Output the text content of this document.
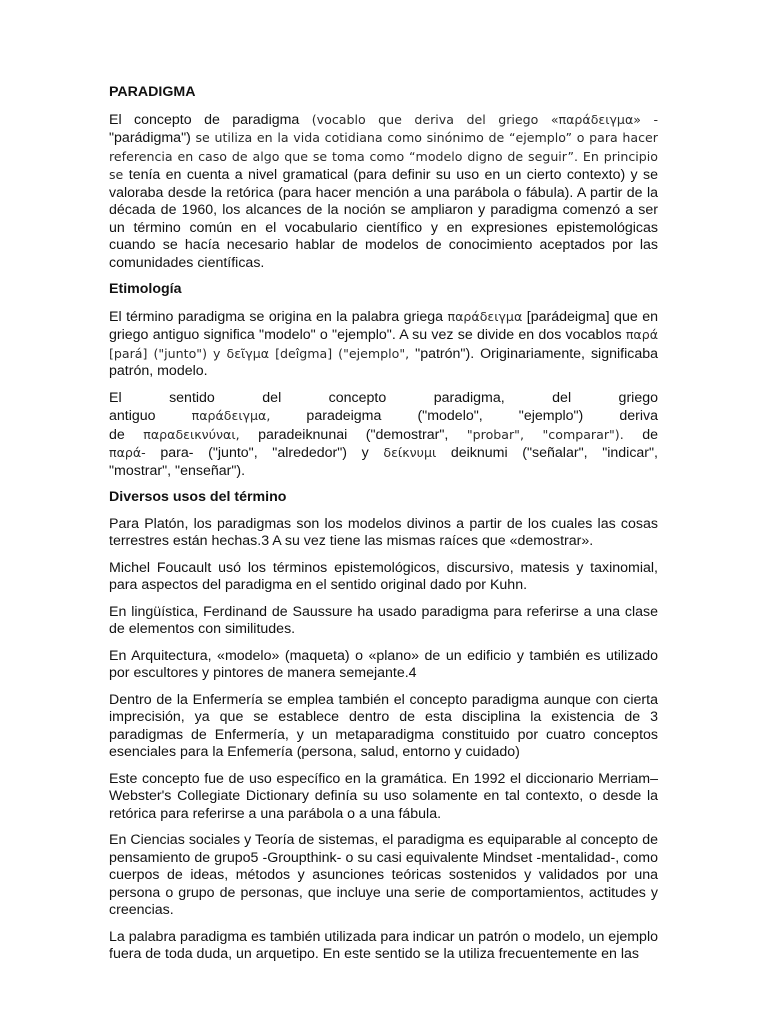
PARADIGMA

El concepto de paradigma (vocablo que deriva del griego «παράδειγμα» - "parádigma") se utiliza en la vida cotidiana como sinónimo de “ejemplo” o para hacer referencia en caso de algo que se toma como “modelo digno de seguir”. En principio se tenía en cuenta a nivel gramatical (para definir su uso en un cierto contexto) y se valoraba desde la retórica (para hacer mención a una parábola o fábula). A partir de la década de 1960, los alcances de la noción se ampliaron y paradigma comenzó a ser un término común en el vocabulario científico y en expresiones epistemológicas cuando se hacía necesario hablar de modelos de conocimiento aceptados por las comunidades científicas.

Etimología

El término paradigma se origina en la palabra griega παράδειγμα [parádeigma] que en griego antiguo significa "modelo" o "ejemplo". A su vez se divide en dos vocablos παρά [pará] ("junto") y δεῖγμα [deîgma] ("ejemplo", "patrón"). Originariamente, significaba patrón, modelo.

El sentido del concepto paradigma, del griego
antiguo παράδειγμα, paradeigma ("modelo", "ejemplo") deriva
de παραδεικνύναι, paradeiknunai ("demostrar", "probar", "comparar"). de
παρά- para- ("junto", "alrededor") y δείκνυμι deiknumi ("señalar", "indicar",
"mostrar", "enseñar").

Diversos usos del término

Para Platón, los paradigmas son los modelos divinos a partir de los cuales las cosas terrestres están hechas.3 A su vez tiene las mismas raíces que «demostrar».

Michel Foucault usó los términos epistemológicos, discursivo, matesis y taxinomial, para aspectos del paradigma en el sentido original dado por Kuhn.

En lingüística, Ferdinand de Saussure ha usado paradigma para referirse a una clase de elementos con similitudes.

En Arquitectura, «modelo» (maqueta) o «plano» de un edificio y también es utilizado por escultores y pintores de manera semejante.4

Dentro de la Enfermería se emplea también el concepto paradigma aunque con cierta imprecisión, ya que se establece dentro de esta disciplina la existencia de 3 paradigmas de Enfermería, y un metaparadigma constituido por cuatro conceptos esenciales para la Enfemería (persona, salud, entorno y cuidado)

Este concepto fue de uso específico en la gramática. En 1992 el diccionario Merriam–Webster's Collegiate Dictionary definía su uso solamente en tal contexto, o desde la retórica para referirse a una parábola o a una fábula.

En Ciencias sociales y Teoría de sistemas, el paradigma es equiparable al concepto de pensamiento de grupo5 -Groupthink- o su casi equivalente Mindset -mentalidad-, como cuerpos de ideas, métodos y asunciones teóricas sostenidos y validados por una persona o grupo de personas, que incluye una serie de comportamientos, actitudes y creencias.

La palabra paradigma es también utilizada para indicar un patrón o modelo, un ejemplo fuera de toda duda, un arquetipo. En este sentido se la utiliza frecuentemente en las
